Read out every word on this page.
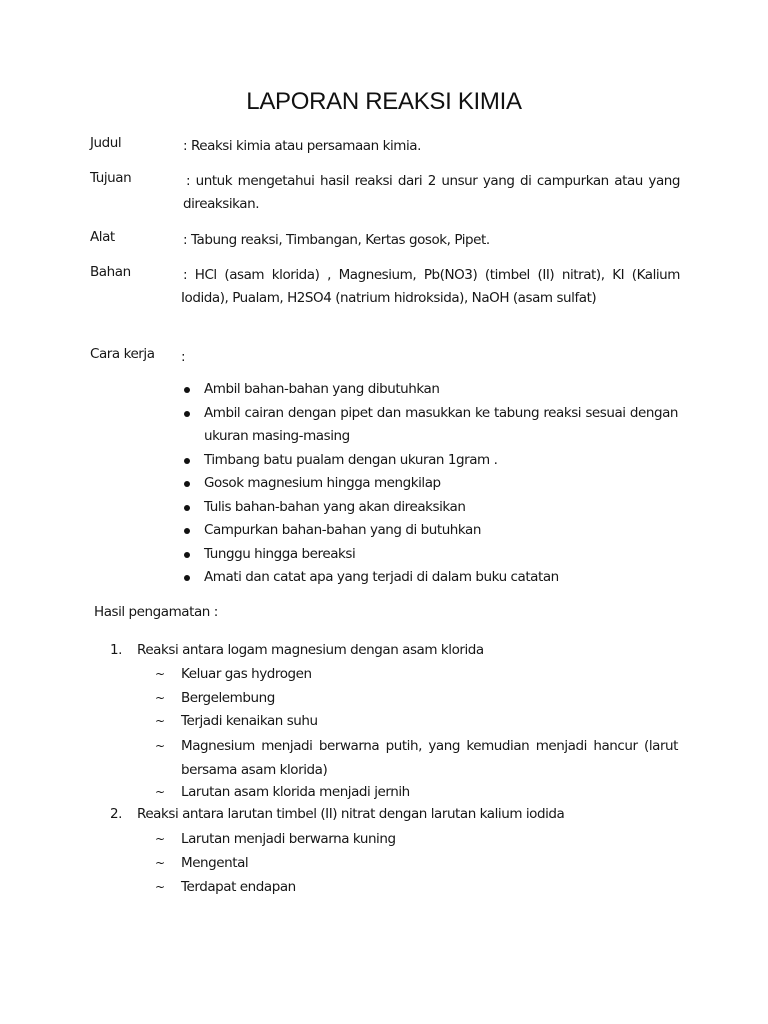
LAPORAN REAKSI KIMIA
Judul	: Reaksi kimia atau persamaan kimia.
Tujuan	: untuk mengetahui hasil reaksi dari 2 unsur yang di campurkan atau yang direaksikan.
Alat	: Tabung reaksi, Timbangan, Kertas gosok, Pipet.
Bahan	: HCl (asam klorida) , Magnesium, Pb(NO3) (timbel (II) nitrat), KI (Kalium Iodida), Pualam, H2SO4 (natrium hidroksida), NaOH (asam sulfat)
Cara kerja :
Ambil bahan-bahan yang dibutuhkan
Ambil cairan dengan pipet dan masukkan ke tabung reaksi sesuai dengan ukuran masing-masing
Timbang batu pualam dengan ukuran 1gram .
Gosok magnesium hingga mengkilap
Tulis bahan-bahan yang akan direaksikan
Campurkan bahan-bahan yang di butuhkan
Tunggu hingga bereaksi
Amati dan catat apa yang terjadi di dalam buku catatan
Hasil pengamatan :
1. Reaksi antara logam magnesium dengan asam klorida
~ Keluar gas hydrogen
~ Bergelembung
~ Terjadi kenaikan suhu
~ Magnesium menjadi berwarna putih, yang kemudian menjadi hancur (larut bersama asam klorida)
~ Larutan asam klorida menjadi jernih
2. Reaksi antara larutan timbel (II) nitrat dengan larutan kalium iodida
~ Larutan menjadi berwarna kuning
~ Mengental
~ Terdapat endapan
